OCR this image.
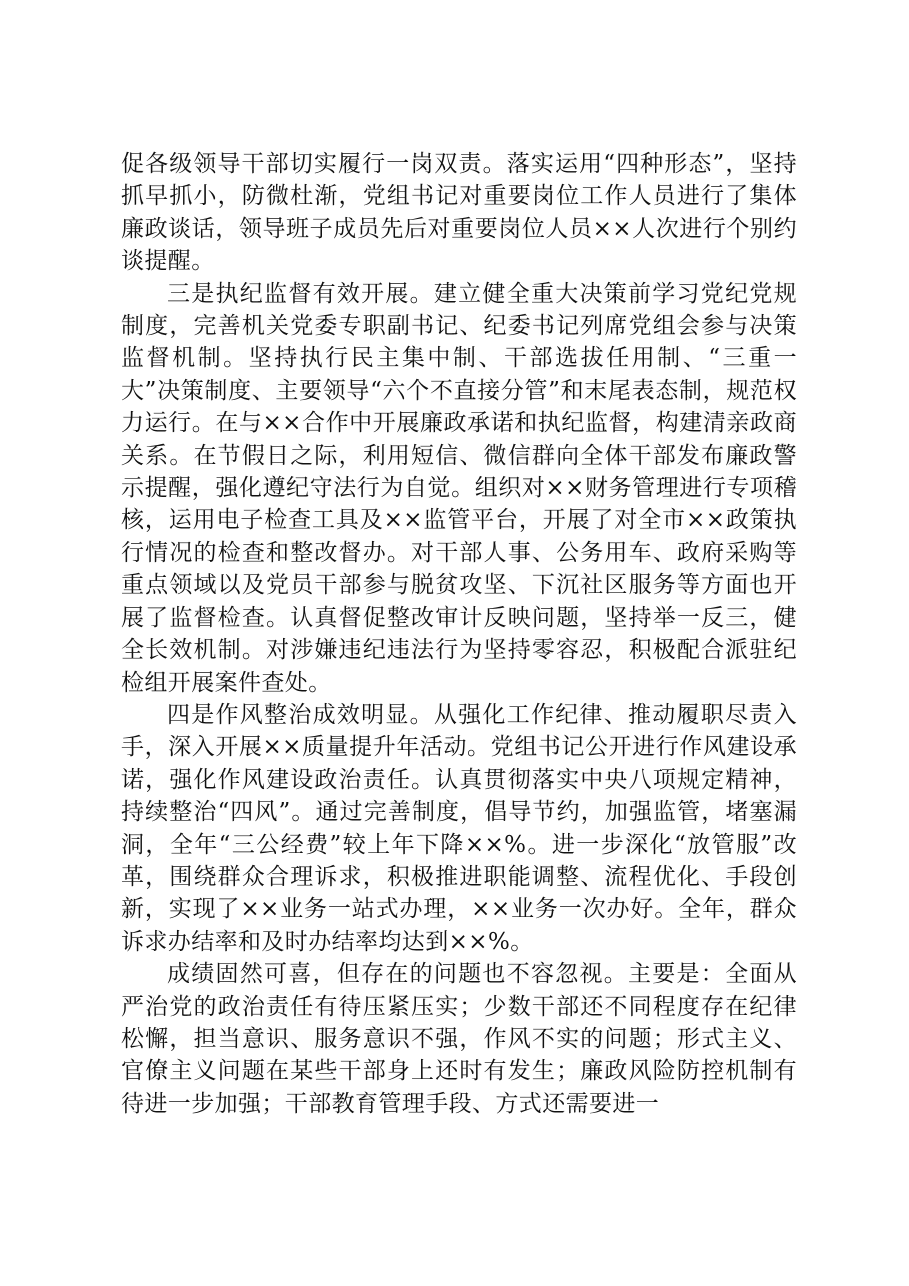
促各级领导干部切实履行一岗双责。落实运用“四种形态”，坚持抓早抓小，防微杜渐，党组书记对重要岗位工作人员进行了集体廉政谈话，领导班子成员先后对重要岗位人员××人次进行个别约谈提醒。

三是执纪监督有效开展。建立健全重大决策前学习党纪党规制度，完善机关党委专职副书记、纪委书记列席党组会参与决策监督机制。坚持执行民主集中制、干部选拔任用制、“三重一大”决策制度、主要领导“六个不直接分管”和末尾表态制，规范权力运行。在与××合作中开展廉政承诺和执纪监督，构建清亲政商关系。在节假日之际，利用短信、微信群向全体干部发布廉政警示提醒，强化遵纪守法行为自觉。组织对××财务管理进行专项稽核，运用电子检查工具及××监管平台，开展了对全市××政策执行情况的检查和整改督办。对干部人事、公务用车、政府采购等重点领域以及党员干部参与脱贫攻坚、下沉社区服务等方面也开展了监督检查。认真督促整改审计反映问题，坚持举一反三，健全长效机制。对涉嫌违纪违法行为坚持零容忍，积极配合派驻纪检组开展案件查处。

四是作风整治成效明显。从强化工作纪律、推动履职尽责入手，深入开展××质量提升年活动。党组书记公开进行作风建设承诺，强化作风建设政治责任。认真贯彻落实中央八项规定精神，持续整治“四风”。通过完善制度，倡导节约，加强监管，堵塞漏洞，全年“三公经费”较上年下降××%。进一步深化“放管服”改革，围绕群众合理诉求，积极推进职能调整、流程优化、手段创新，实现了××业务一站式办理，××业务一次办好。全年，群众诉求办结率和及时办结率均达到××%。

成绩固然可喜，但存在的问题也不容忽视。主要是：全面从严治党的政治责任有待压紧压实；少数干部还不同程度存在纪律松懈，担当意识、服务意识不强，作风不实的问题；形式主义、官僚主义问题在某些干部身上还时有发生；廉政风险防控机制有待进一步加强；干部教育管理手段、方式还需要进一
